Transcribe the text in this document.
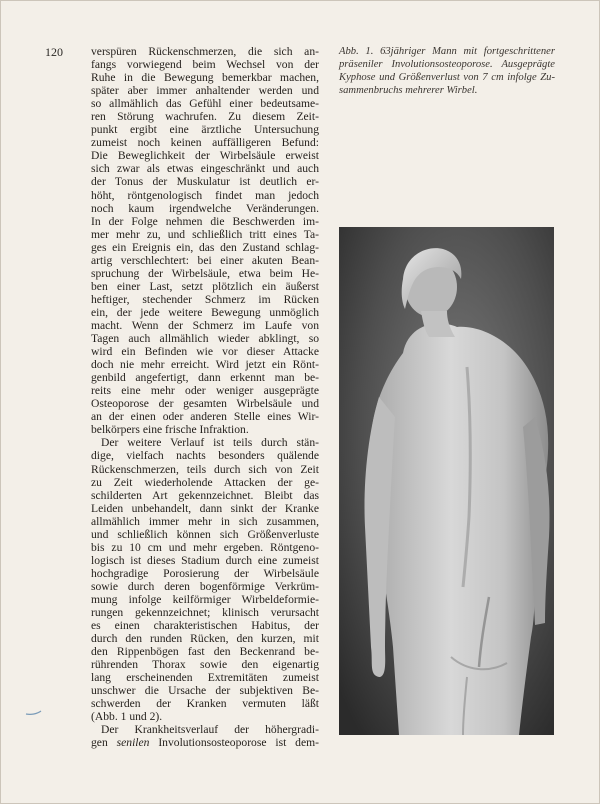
120 verspüren Rückenschmerzen, die sich an-
fangs vorwiegend beim Wechsel von der
Ruhe in die Bewegung bemerkbar machen,
später aber immer anhaltender werden und
so allmählich das Gefühl einer bedeutsame-
ren Störung wachrufen. Zu diesem Zeit-
punkt ergibt eine ärztliche Untersuchung
zumeist noch keinen auffälligeren Befund:
Die Beweglichkeit der Wirbelsäule erweist
sich zwar als etwas eingeschränkt und auch
der Tonus der Muskulatur ist deutlich er-
höht, röntgenologisch findet man jedoch
noch kaum irgendwelche Veränderungen.
In der Folge nehmen die Beschwerden im-
mer mehr zu, und schließlich tritt eines Ta-
ges ein Ereignis ein, das den Zustand schlag-
artig verschlechtert: bei einer akuten Bean-
spruchung der Wirbelsäule, etwa beim He-
ben einer Last, setzt plötzlich ein äußerst
heftiger, stechender Schmerz im Rücken
ein, der jede weitere Bewegung unmöglich
macht. Wenn der Schmerz im Laufe von
Tagen auch allmählich wieder abklingt, so
wird ein Befinden wie vor dieser Attacke
doch nie mehr erreicht. Wird jetzt ein Rönt-
genbild angefertigt, dann erkennt man be-
reits eine mehr oder weniger ausgeprägte
Osteoporose der gesamten Wirbelsäule und
an der einen oder anderen Stelle eines Wir-
belkörpers eine frische Infraktion.
Der weitere Verlauf ist teils durch stän-
dige, vielfach nachts besonders quälende
Rückenschmerzen, teils durch sich von Zeit
zu Zeit wiederholende Attacken der ge-
schilderten Art gekennzeichnet. Bleibt das
Leiden unbehandelt, dann sinkt der Kranke
allmählich immer mehr in sich zusammen,
und schließlich können sich Größenverluste
bis zu 10 cm und mehr ergeben. Röntgeno-
logisch ist dieses Stadium durch eine zumeist
hochgradige Porosierung der Wirbelsäule
sowie durch deren bogenförmige Verkrüm-
mung infolge keilförmiger Wirbeldeformie-
rungen gekennzeichnet; klinisch verursacht
es einen charakteristischen Habitus, der
durch den runden Rücken, den kurzen, mit
den Rippenbögen fast den Beckenrand be-
rührenden Thorax sowie den eigenartig
lang erscheinenden Extremitäten zumeist
unschwer die Ursache der subjektiven Be-
schwerden der Kranken vermuten läßt
(Abb. 1 und 2).
Der Krankheitsverlauf der höhergradi-
gen senilen Involutionsosteoporose ist dem-
Abb. 1. 63jähriger Mann mit fortgeschrittener
präseniler Involutionsosteoporose. Ausgeprägte
Kyphose und Größenverlust von 7 cm infolge Zu-
sammenbruchs mehrerer Wirbel.
